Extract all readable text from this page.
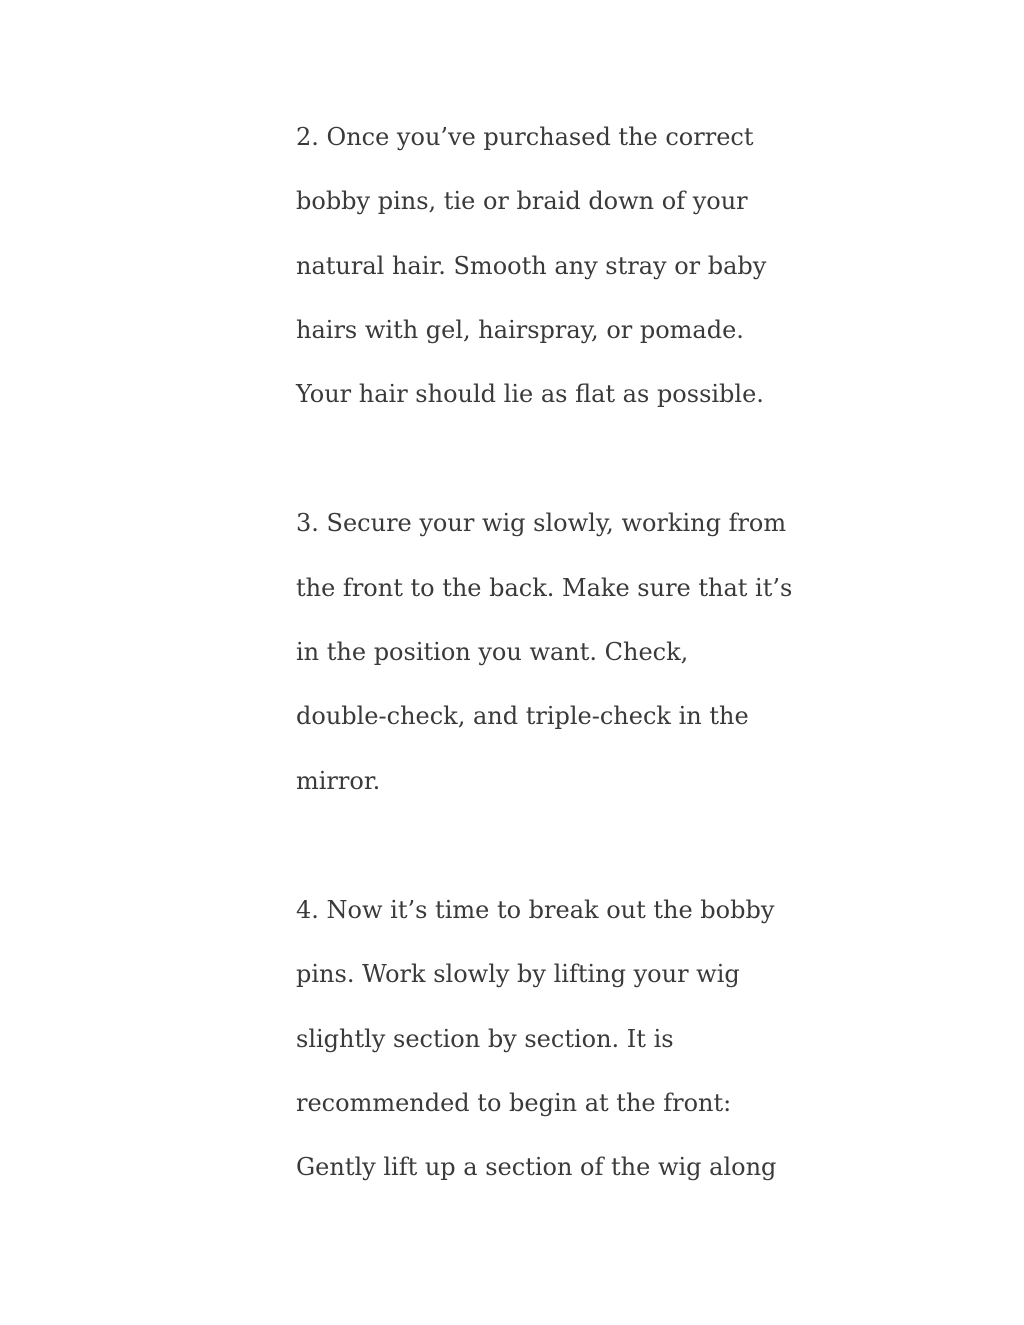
2. Once you’ve purchased the correct
bobby pins, tie or braid down of your
natural hair. Smooth any stray or baby
hairs with gel, hairspray, or pomade.
Your hair should lie as flat as possible.
3. Secure your wig slowly, working from
the front to the back. Make sure that it’s
in the position you want. Check,
double-check, and triple-check in the
mirror.
4. Now it’s time to break out the bobby
pins. Work slowly by lifting your wig
slightly section by section. It is
recommended to begin at the front:
Gently lift up a section of the wig along
